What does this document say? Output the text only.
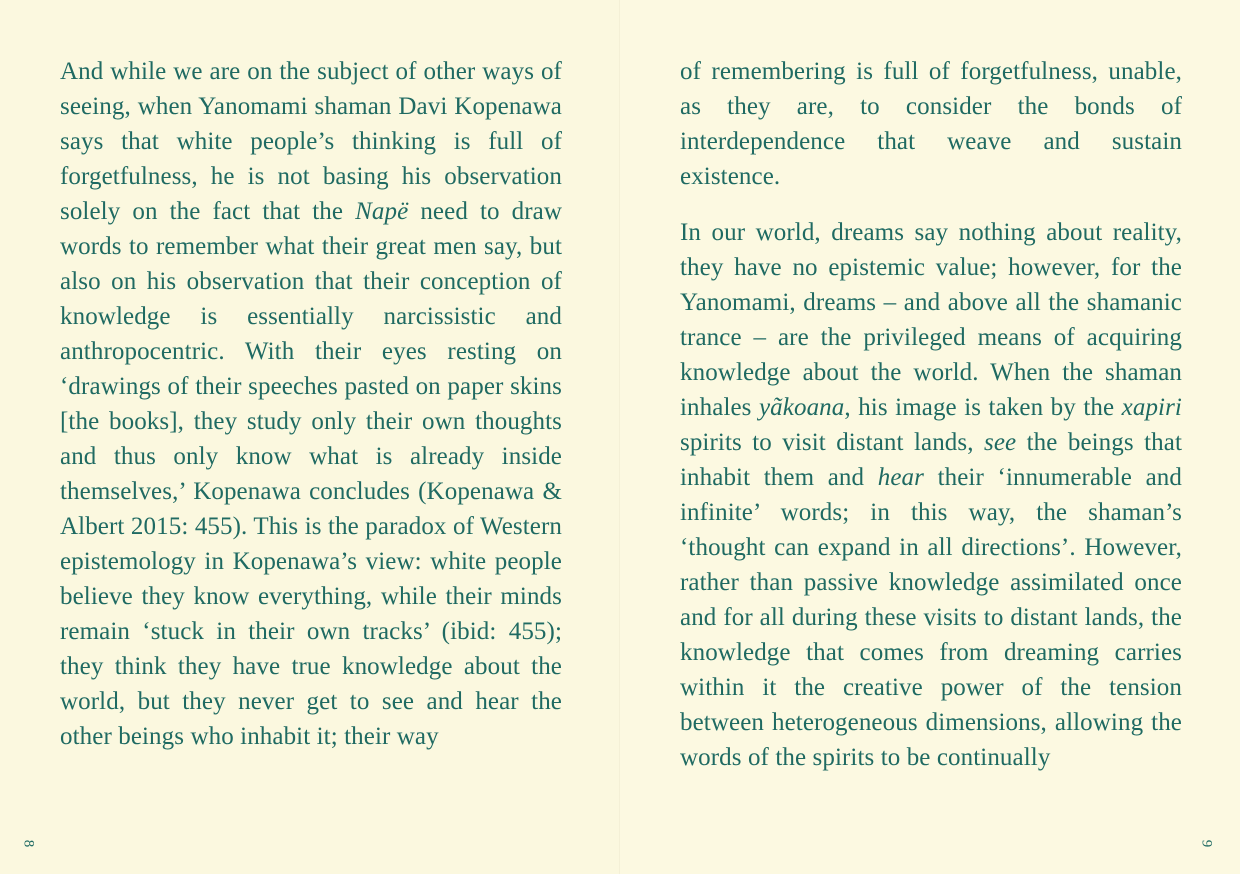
And while we are on the subject of other ways of seeing, when Yanomami shaman Davi Kopenawa says that white people’s thinking is full of forgetfulness, he is not basing his observation solely on the fact that the Napë need to draw words to remember what their great men say, but also on his observation that their conception of knowledge is essentially narcissistic and anthropocentric. With their eyes resting on ‘drawings of their speeches pasted on paper skins [the books], they study only their own thoughts and thus only know what is already inside themselves,’ Kopenawa concludes (Kopenawa & Albert 2015: 455). This is the paradox of Western epistemology in Kopenawa’s view: white people believe they know everything, while their minds remain ‘stuck in their own tracks’ (ibid: 455); they think they have true knowledge about the world, but they never get to see and hear the other beings who inhabit it; their way

8

of remembering is full of forgetfulness, unable, as they are, to consider the bonds of interdependence that weave and sustain existence.

In our world, dreams say nothing about reality, they have no epistemic value; however, for the Yanomami, dreams – and above all the shamanic trance – are the privileged means of acquiring knowledge about the world. When the shaman inhales yãkoana, his image is taken by the xapiri spirits to visit distant lands, see the beings that inhabit them and hear their ‘innumerable and infinite’ words; in this way, the shaman’s ‘thought can expand in all directions’. However, rather than passive knowledge assimilated once and for all during these visits to distant lands, the knowledge that comes from dreaming carries within it the creative power of the tension between heterogeneous dimensions, allowing the words of the spirits to be continually

9
